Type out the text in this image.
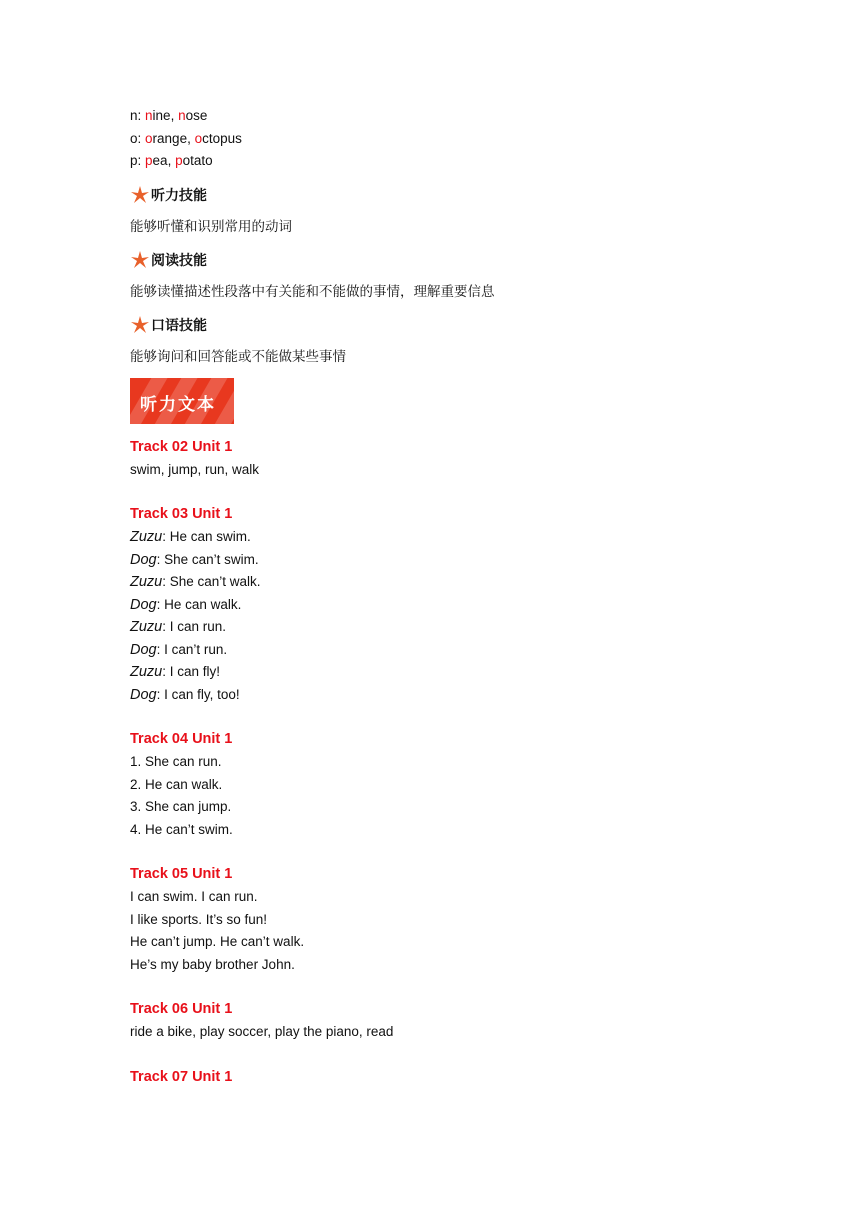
n: nine, nose
o: orange, octopus
p: pea, potato
听力技能
能够听懂和识别常用的动词
阅读技能
能够读懂描述性段落中有关能和不能做的事情，理解重要信息
口语技能
能够询问和回答能或不能做某些事情
听力文本
Track 02 Unit 1
swim, jump, run, walk
Track 03 Unit 1
Zuzu: He can swim.
Dog: She can’t swim.
Zuzu: She can’t walk.
Dog: He can walk.
Zuzu: I can run.
Dog: I can’t run.
Zuzu: I can fly!
Dog: I can fly, too!
Track 04 Unit 1
1. She can run.
2. He can walk.
3. She can jump.
4. He can’t swim.
Track 05 Unit 1
I can swim. I can run.
I like sports. It’s so fun!
He can’t jump. He can’t walk.
He’s my baby brother John.
Track 06 Unit 1
ride a bike, play soccer, play the piano, read
Track 07 Unit 1
